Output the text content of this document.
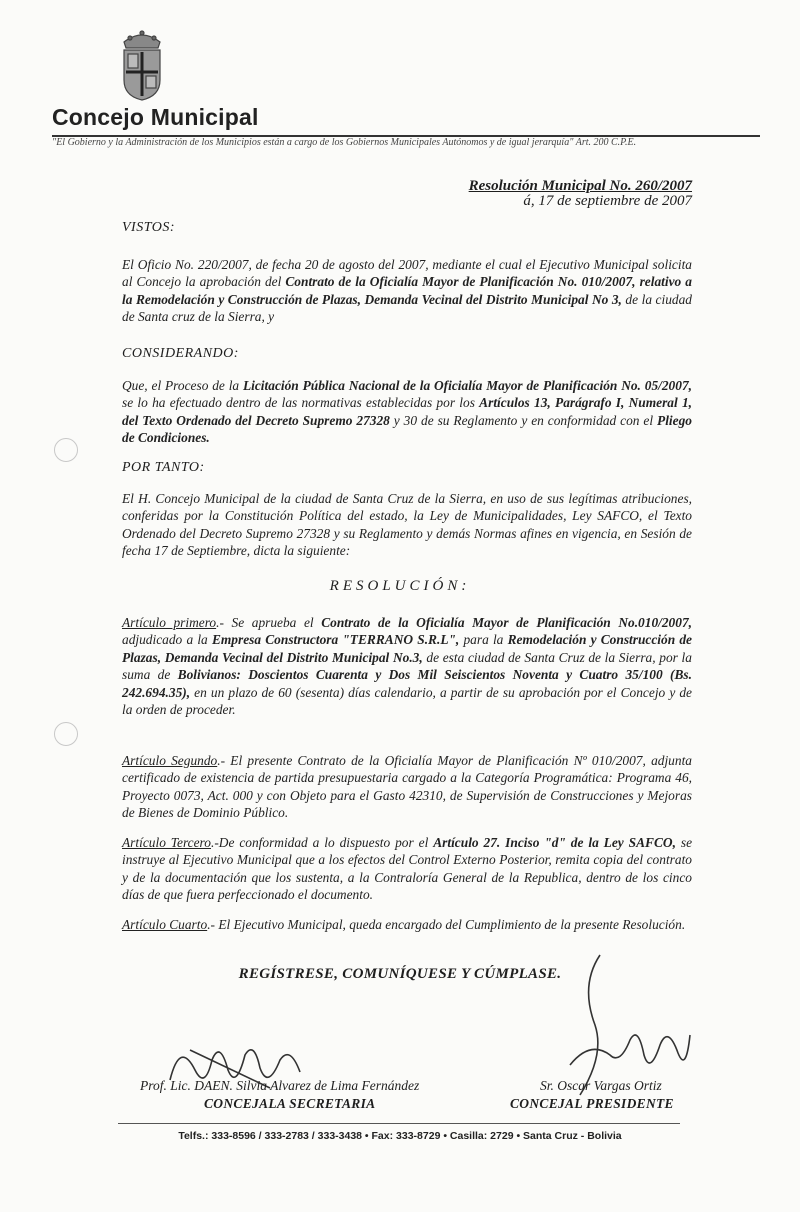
Concejo Municipal
"El Gobierno y la Administración de los Municipios están a cargo de los Gobiernos Municipales Autónomos y de igual jerarquía" Art. 200 C.P.E.
Resolución Municipal No. 260/2007
á, 17 de septiembre de 2007
VISTOS:
El Oficio No. 220/2007, de fecha 20 de agosto del 2007, mediante el cual el Ejecutivo Municipal solicita al Concejo la aprobación del Contrato de la Oficialía Mayor de Planificación No. 010/2007, relativo a la Remodelación y Construcción de Plazas, Demanda Vecinal del Distrito Municipal No 3, de la ciudad de Santa cruz de la Sierra, y
CONSIDERANDO:
Que, el Proceso de la Licitación Pública Nacional de la Oficialía Mayor de Planificación No. 05/2007, se lo ha efectuado dentro de las normativas establecidas por los Artículos 13, Parágrafo I, Numeral 1, del Texto Ordenado del Decreto Supremo 27328 y 30 de su Reglamento y en conformidad con el Pliego de Condiciones.
POR TANTO:
El H. Concejo Municipal de la ciudad de Santa Cruz de la Sierra, en uso de sus legítimas atribuciones, conferidas por la Constitución Política del estado, la Ley de Municipalidades, Ley SAFCO, el Texto Ordenado del Decreto Supremo 27328 y su Reglamento y demás Normas afines en vigencia, en Sesión de fecha 17 de Septiembre, dicta la siguiente:
RESOLUCIÓN:
Artículo primero.- Se aprueba el Contrato de la Oficialía Mayor de Planificación No.010/2007, adjudicado a la Empresa Constructora "TERRANO S.R.L", para la Remodelación y Construcción de Plazas, Demanda Vecinal del Distrito Municipal No.3, de esta ciudad de Santa Cruz de la Sierra, por la suma de Bolivianos: Doscientos Cuarenta y Dos Mil Seiscientos Noventa y Cuatro 35/100 (Bs. 242.694.35), en un plazo de 60 (sesenta) días calendario, a partir de su aprobación por el Concejo y de la orden de proceder.
Artículo Segundo.- El presente Contrato de la Oficialía Mayor de Planificación Nº 010/2007, adjunta certificado de existencia de partida presupuestaria cargado a la Categoría Programática: Programa 46, Proyecto 0073, Act. 000 y con Objeto para el Gasto 42310, de Supervisión de Construcciones y Mejoras de Bienes de Dominio Público.
Artículo Tercero.-De conformidad a lo dispuesto por el Artículo 27. Inciso "d" de la Ley SAFCO, se instruye al Ejecutivo Municipal que a los efectos del Control Externo Posterior, remita copia del contrato y de la documentación que los sustenta, a la Contraloría General de la Republica, dentro de los cinco días de que fuera perfeccionado el documento.
Artículo Cuarto.- El Ejecutivo Municipal, queda encargado del Cumplimiento de la presente Resolución.
REGÍSTRESE, COMUNÍQUESE Y CÚMPLASE.
Prof. Lic. DAEN. Silvia Alvarez de Lima Fernández
CONCEJALA SECRETARIA
Sr. Oscar Vargas Ortiz
CONCEJAL PRESIDENTE
Telfs.: 333-8596 / 333-2783 / 333-3438 • Fax: 333-8729 • Casilla: 2729 • Santa Cruz - Bolivia
